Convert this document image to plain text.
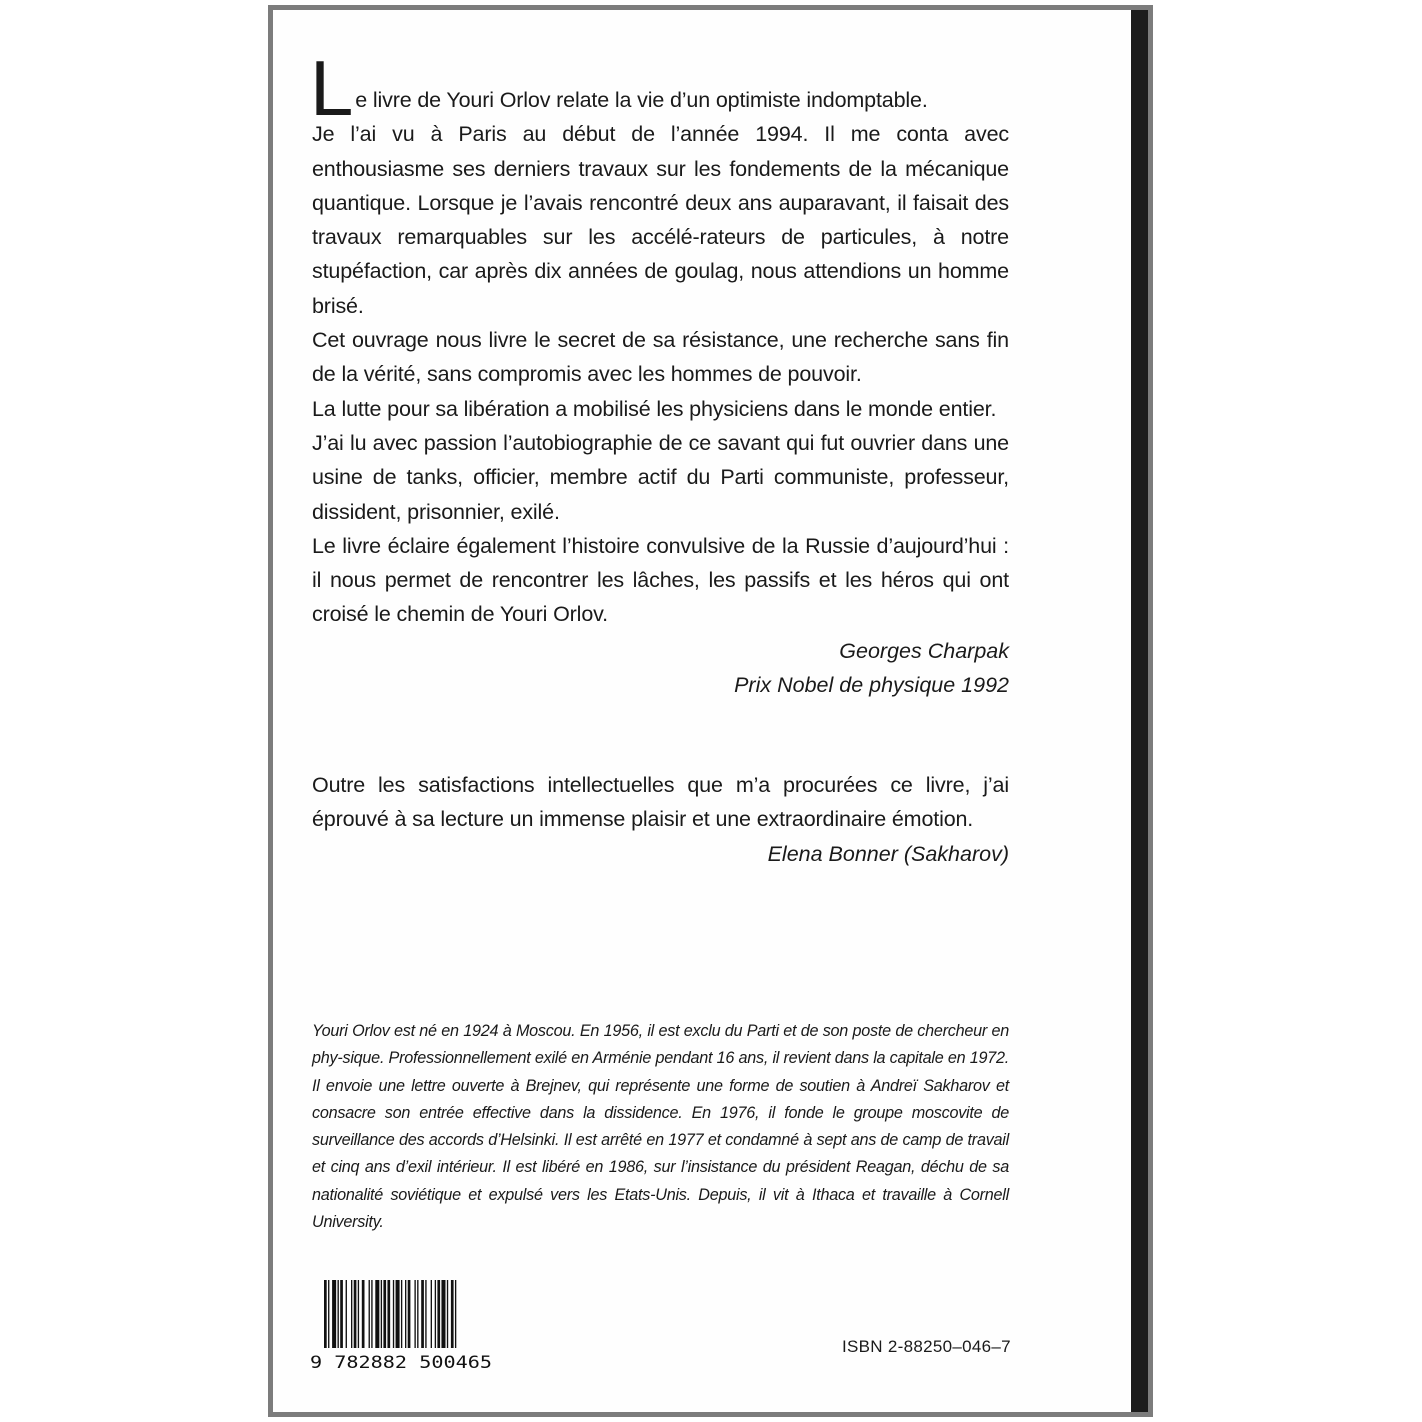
L e livre de Youri Orlov relate la vie d’un optimiste indomptable.

Je l’ai vu à Paris au début de l’année 1994. Il me conta avec enthousiasme ses derniers travaux sur les fondements de la mécanique quantique. Lorsque je l’avais rencontré deux ans auparavant, il faisait des travaux remarquables sur les accélé-rateurs de particules, à notre stupéfaction, car après dix années de goulag, nous attendions un homme brisé.

Cet ouvrage nous livre le secret de sa résistance, une recherche sans fin de la vérité, sans compromis avec les hommes de pouvoir.

La lutte pour sa libération a mobilisé les physiciens dans le monde entier.

J’ai lu avec passion l’autobiographie de ce savant qui fut ouvrier dans une usine de tanks, officier, membre actif du Parti communiste, professeur, dissident, prisonnier, exilé.

Le livre éclaire également l’histoire convulsive de la Russie d’aujourd’hui : il nous permet de rencontrer les lâches, les passifs et les héros qui ont croisé le chemin de Youri Orlov.

Georges Charpak

Prix Nobel de physique 1992

Outre les satisfactions intellectuelles que m’a procurées ce livre, j’ai éprouvé à sa lecture un immense plaisir et une extraordinaire émotion.

Elena Bonner (Sakharov)

Youri Orlov est né en 1924 à Moscou. En 1956, il est exclu du Parti et de son poste de chercheur en phy-sique. Professionnellement exilé en Arménie pendant 16 ans, il revient dans la capitale en 1972. Il envoie une lettre ouverte à Brejnev, qui représente une forme de soutien à Andreï Sakharov et consacre son entrée effective dans la dissidence. En 1976, il fonde le groupe moscovite de surveillance des accords d’Helsinki. Il est arrêté en 1977 et condamné à sept ans de camp de travail et cinq ans d’exil intérieur. Il est libéré en 1986, sur l’insistance du président Reagan, déchu de sa nationalité soviétique et expulsé vers les Etats-Unis. Depuis, il vit à Ithaca et travaille à Cornell University.

9 782882 500465
ISBN 2-88250–046–7
